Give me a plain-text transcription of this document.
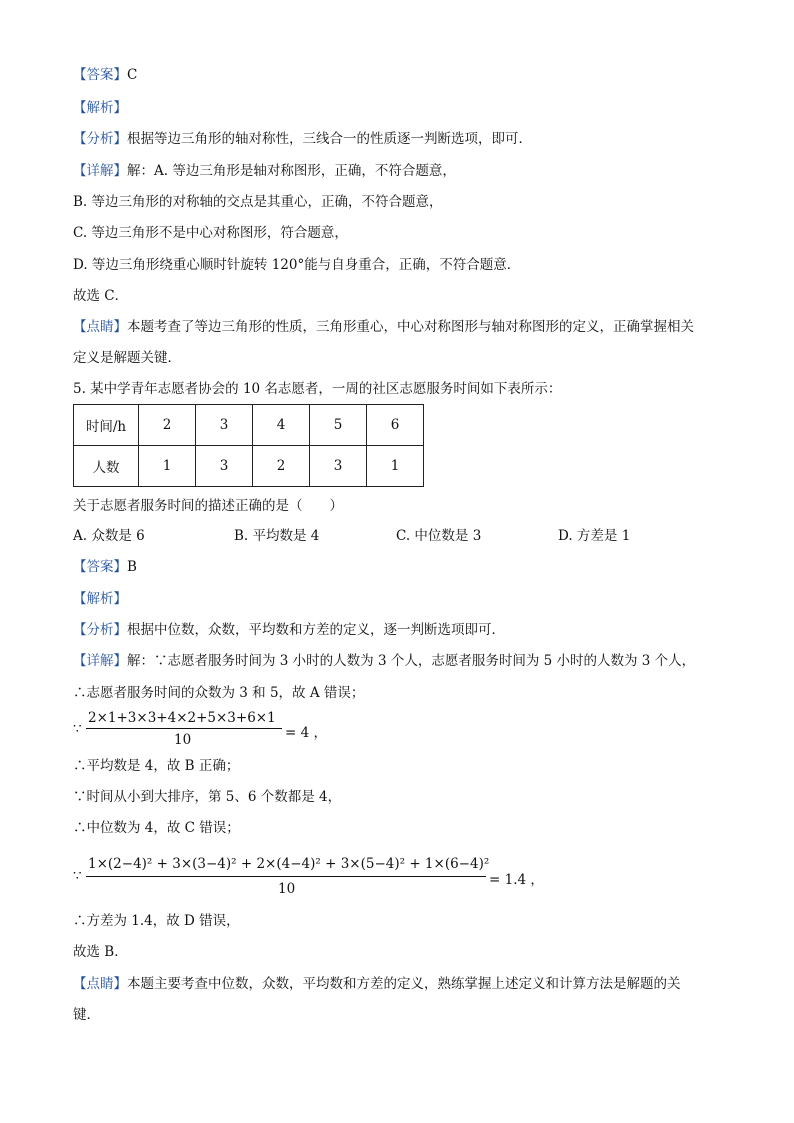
【答案】C
【解析】
【分析】根据等边三角形的轴对称性，三线合一的性质逐一判断选项，即可．
【详解】解：A. 等边三角形是轴对称图形，正确，不符合题意，
B. 等边三角形的对称轴的交点是其重心，正确，不符合题意，
C. 等边三角形不是中心对称图形，符合题意，
D. 等边三角形绕重心顺时针旋转 120°能与自身重合，正确，不符合题意．
故选 C．
【点睛】本题考查了等边三角形的性质，三角形重心，中心对称图形与轴对称图形的定义，正确掌握相关
定义是解题关键．
5. 某中学青年志愿者协会的 10 名志愿者，一周的社区志愿服务时间如下表所示：
时间/h	2	3	4	5	6
人数	1	3	2	3	1
关于志愿者服务时间的描述正确的是（　　）
A. 众数是 6	B. 平均数是 4	C. 中位数是 3	D. 方差是 1
【答案】B
【解析】
【分析】根据中位数，众数，平均数和方差的定义，逐一判断选项即可．
【详解】解：∵志愿者服务时间为 3 小时的人数为 3 个人，志愿者服务时间为 5 小时的人数为 3 个人，
∴志愿者服务时间的众数为 3 和 5，故 A 错误；
∵
2×1+3×3+4×2+5×3+6×1
10	= 4 ，
∴平均数是 4，故 B 正确；
∵时间从小到大排序，第 5、6 个数都是 4，
∴中位数为 4，故 C 错误；
∵
1×(2−4)² + 3×(3−4)² + 2×(4−4)² + 3×(5−4)² + 1×(6−4)²
10
= 1.4 ，
∴方差为 1.4，故 D 错误，
故选 B．
【点睛】本题主要考查中位数，众数，平均数和方差的定义，熟练掌握上述定义和计算方法是解题的关
键．
